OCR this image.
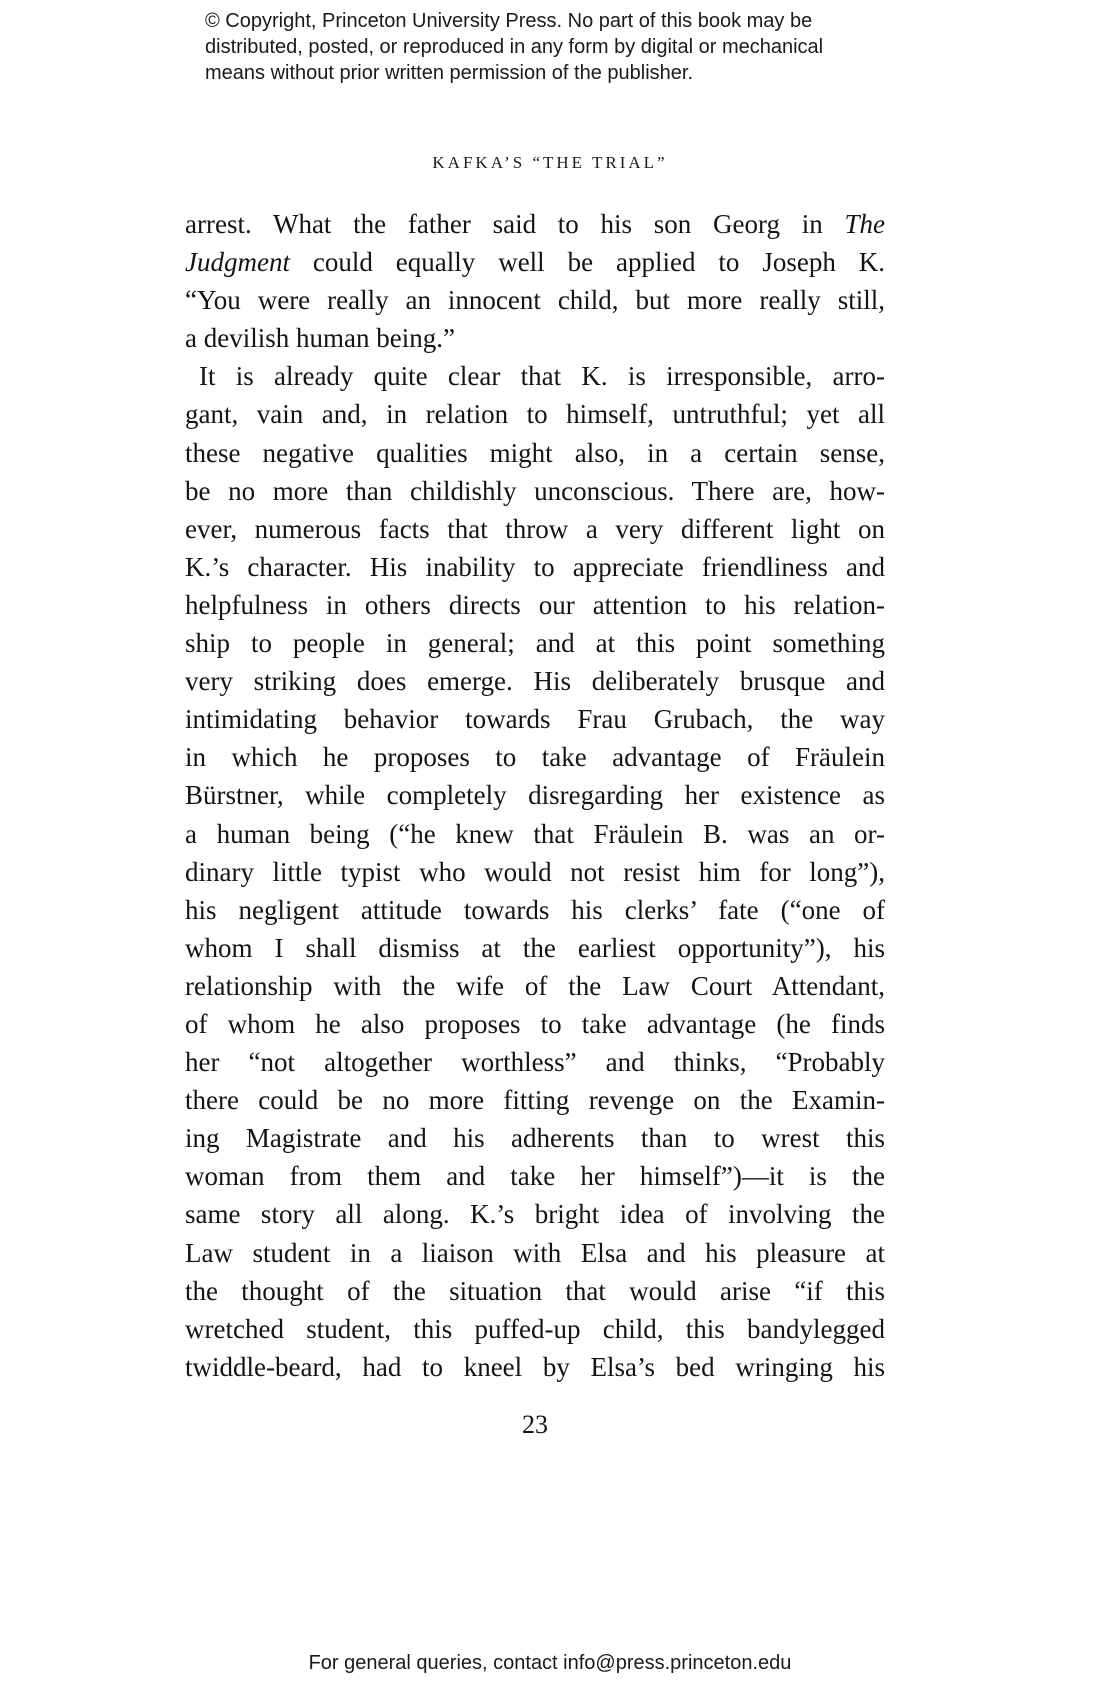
© Copyright, Princeton University Press. No part of this book may be
distributed, posted, or reproduced in any form by digital or mechanical
means without prior written permission of the publisher.
KAFKA’S “THE TRIAL”
arrest. What the father said to his son Georg in The
Judgment could equally well be applied to Joseph K.
“You were really an innocent child, but more really still,
a devilish human being.”
It is already quite clear that K. is irresponsible, arro-
gant, vain and, in relation to himself, untruthful; yet all
these negative qualities might also, in a certain sense,
be no more than childishly unconscious. There are, how-
ever, numerous facts that throw a very different light on
K.’s character. His inability to appreciate friendliness and
helpfulness in others directs our attention to his relation-
ship to people in general; and at this point something
very striking does emerge. His deliberately brusque and
intimidating behavior towards Frau Grubach, the way
in which he proposes to take advantage of Fräulein
Bürstner, while completely disregarding her existence as
a human being (“he knew that Fräulein B. was an or-
dinary little typist who would not resist him for long”),
his negligent attitude towards his clerks’ fate (“one of
whom I shall dismiss at the earliest opportunity”), his
relationship with the wife of the Law Court Attendant,
of whom he also proposes to take advantage (he finds
her “not altogether worthless” and thinks, “Probably
there could be no more fitting revenge on the Examin-
ing Magistrate and his adherents than to wrest this
woman from them and take her himself”)—it is the
same story all along. K.’s bright idea of involving the
Law student in a liaison with Elsa and his pleasure at
the thought of the situation that would arise “if this
wretched student, this puffed-up child, this bandylegged
twiddle-beard, had to kneel by Elsa’s bed wringing his
23
For general queries, contact info@press.princeton.edu
